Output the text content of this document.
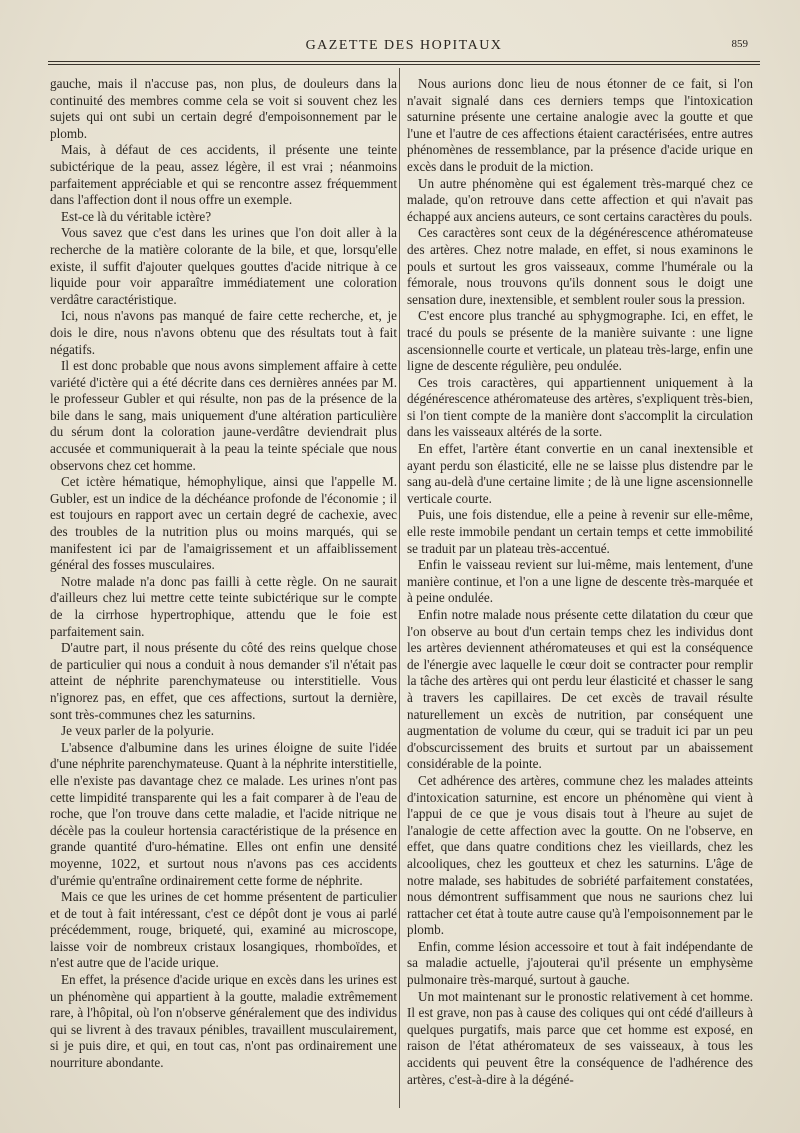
GAZETTE DES HOPITAUX	859

gauche, mais il n'accuse pas, non plus, de douleurs dans la continuité des membres comme cela se voit si souvent chez les sujets qui ont subi un certain degré d'empoisonnement par le plomb.

Mais, à défaut de ces accidents, il présente une teinte subictérique de la peau, assez légère, il est vrai ; néanmoins parfaitement appréciable et qui se rencontre assez fréquemment dans l'affection dont il nous offre un exemple.

Est-ce là du véritable ictère?

Vous savez que c'est dans les urines que l'on doit aller à la recherche de la matière colorante de la bile, et que, lorsqu'elle existe, il suffit d'ajouter quelques gouttes d'acide nitrique à ce liquide pour voir apparaître immédiatement une coloration verdâtre caractéristique.

Ici, nous n'avons pas manqué de faire cette recherche, et, je dois le dire, nous n'avons obtenu que des résultats tout à fait négatifs.

Il est donc probable que nous avons simplement affaire à cette variété d'ictère qui a été décrite dans ces dernières années par M. le professeur Gubler et qui résulte, non pas de la présence de la bile dans le sang, mais uniquement d'une altération particulière du sérum dont la coloration jaune-verdâtre deviendrait plus accusée et communiquerait à la peau la teinte spéciale que nous observons chez cet homme.

Cet ictère hématique, hémophylique, ainsi que l'appelle M. Gubler, est un indice de la déchéance profonde de l'économie ; il est toujours en rapport avec un certain degré de cachexie, avec des troubles de la nutrition plus ou moins marqués, qui se manifestent ici par de l'amaigrissement et un affaiblissement général des fosses musculaires.

Notre malade n'a donc pas failli à cette règle. On ne saurait d'ailleurs chez lui mettre cette teinte subictérique sur le compte de la cirrhose hypertrophique, attendu que le foie est parfaitement sain.

D'autre part, il nous présente du côté des reins quelque chose de particulier qui nous a conduit à nous demander s'il n'était pas atteint de néphrite parenchymateuse ou interstitielle. Vous n'ignorez pas, en effet, que ces affections, surtout la dernière, sont très-communes chez les saturnins.

Je veux parler de la polyurie.

L'absence d'albumine dans les urines éloigne de suite l'idée d'une néphrite parenchymateuse. Quant à la néphrite interstitielle, elle n'existe pas davantage chez ce malade. Les urines n'ont pas cette limpidité transparente qui les a fait comparer à de l'eau de roche, que l'on trouve dans cette maladie, et l'acide nitrique ne décèle pas la couleur hortensia caractéristique de la présence en grande quantité d'uro-hématine. Elles ont enfin une densité moyenne, 1022, et surtout nous n'avons pas ces accidents d'urémie qu'entraîne ordinairement cette forme de néphrite.

Mais ce que les urines de cet homme présentent de particulier et de tout à fait intéressant, c'est ce dépôt dont je vous ai parlé précédemment, rouge, briqueté, qui, examiné au microscope, laisse voir de nombreux cristaux losangiques, rhomboïdes, et n'est autre que de l'acide urique.

En effet, la présence d'acide urique en excès dans les urines est un phénomène qui appartient à la goutte, maladie extrêmement rare, à l'hôpital, où l'on n'observe généralement que des individus qui se livrent à des travaux pénibles, travaillent musculairement, si je puis dire, et qui, en tout cas, n'ont pas ordinairement une nourriture abondante.

Nous aurions donc lieu de nous étonner de ce fait, si l'on n'avait signalé dans ces derniers temps que l'intoxication saturnine présente une certaine analogie avec la goutte et que l'une et l'autre de ces affections étaient caractérisées, entre autres phénomènes de ressemblance, par la présence d'acide urique en excès dans le produit de la miction.

Un autre phénomène qui est également très-marqué chez ce malade, qu'on retrouve dans cette affection et qui n'avait pas échappé aux anciens auteurs, ce sont certains caractères du pouls.

Ces caractères sont ceux de la dégénérescence athéromateuse des artères. Chez notre malade, en effet, si nous examinons le pouls et surtout les gros vaisseaux, comme l'humérale ou la fémorale, nous trouvons qu'ils donnent sous le doigt une sensation dure, inextensible, et semblent rouler sous la pression.

C'est encore plus tranché au sphygmographe. Ici, en effet, le tracé du pouls se présente de la manière suivante : une ligne ascensionnelle courte et verticale, un plateau très-large, enfin une ligne de descente régulière, peu ondulée.

Ces trois caractères, qui appartiennent uniquement à la dégénérescence athéromateuse des artères, s'expliquent très-bien, si l'on tient compte de la manière dont s'accomplit la circulation dans les vaisseaux altérés de la sorte.

En effet, l'artère étant convertie en un canal inextensible et ayant perdu son élasticité, elle ne se laisse plus distendre par le sang au-delà d'une certaine limite ; de là une ligne ascensionnelle verticale courte.

Puis, une fois distendue, elle a peine à revenir sur elle-même, elle reste immobile pendant un certain temps et cette immobilité se traduit par un plateau très-accentué.

Enfin le vaisseau revient sur lui-même, mais lentement, d'une manière continue, et l'on a une ligne de descente très-marquée et à peine ondulée.

Enfin notre malade nous présente cette dilatation du cœur que l'on observe au bout d'un certain temps chez les individus dont les artères deviennent athéromateuses et qui est la conséquence de l'énergie avec laquelle le cœur doit se contracter pour remplir la tâche des artères qui ont perdu leur élasticité et chasser le sang à travers les capillaires. De cet excès de travail résulte naturellement un excès de nutrition, par conséquent une augmentation de volume du cœur, qui se traduit ici par un peu d'obscurcissement des bruits et surtout par un abaissement considérable de la pointe.

Cet adhérence des artères, commune chez les malades atteints d'intoxication saturnine, est encore un phénomène qui vient à l'appui de ce que je vous disais tout à l'heure au sujet de l'analogie de cette affection avec la goutte. On ne l'observe, en effet, que dans quatre conditions chez les vieillards, chez les alcooliques, chez les goutteux et chez les saturnins. L'âge de notre malade, ses habitudes de sobriété parfaitement constatées, nous démontrent suffisamment que nous ne saurions chez lui rattacher cet état à toute autre cause qu'à l'empoisonnement par le plomb.

Enfin, comme lésion accessoire et tout à fait indépendante de sa maladie actuelle, j'ajouterai qu'il présente un emphysème pulmonaire très-marqué, surtout à gauche.

Un mot maintenant sur le pronostic relativement à cet homme. Il est grave, non pas à cause des coliques qui ont cédé d'ailleurs à quelques purgatifs, mais parce que cet homme est exposé, en raison de l'état athéromateux de ses vaisseaux, à tous les accidents qui peuvent être la conséquence de l'adhérence des artères, c'est-à-dire à la dégéné-
